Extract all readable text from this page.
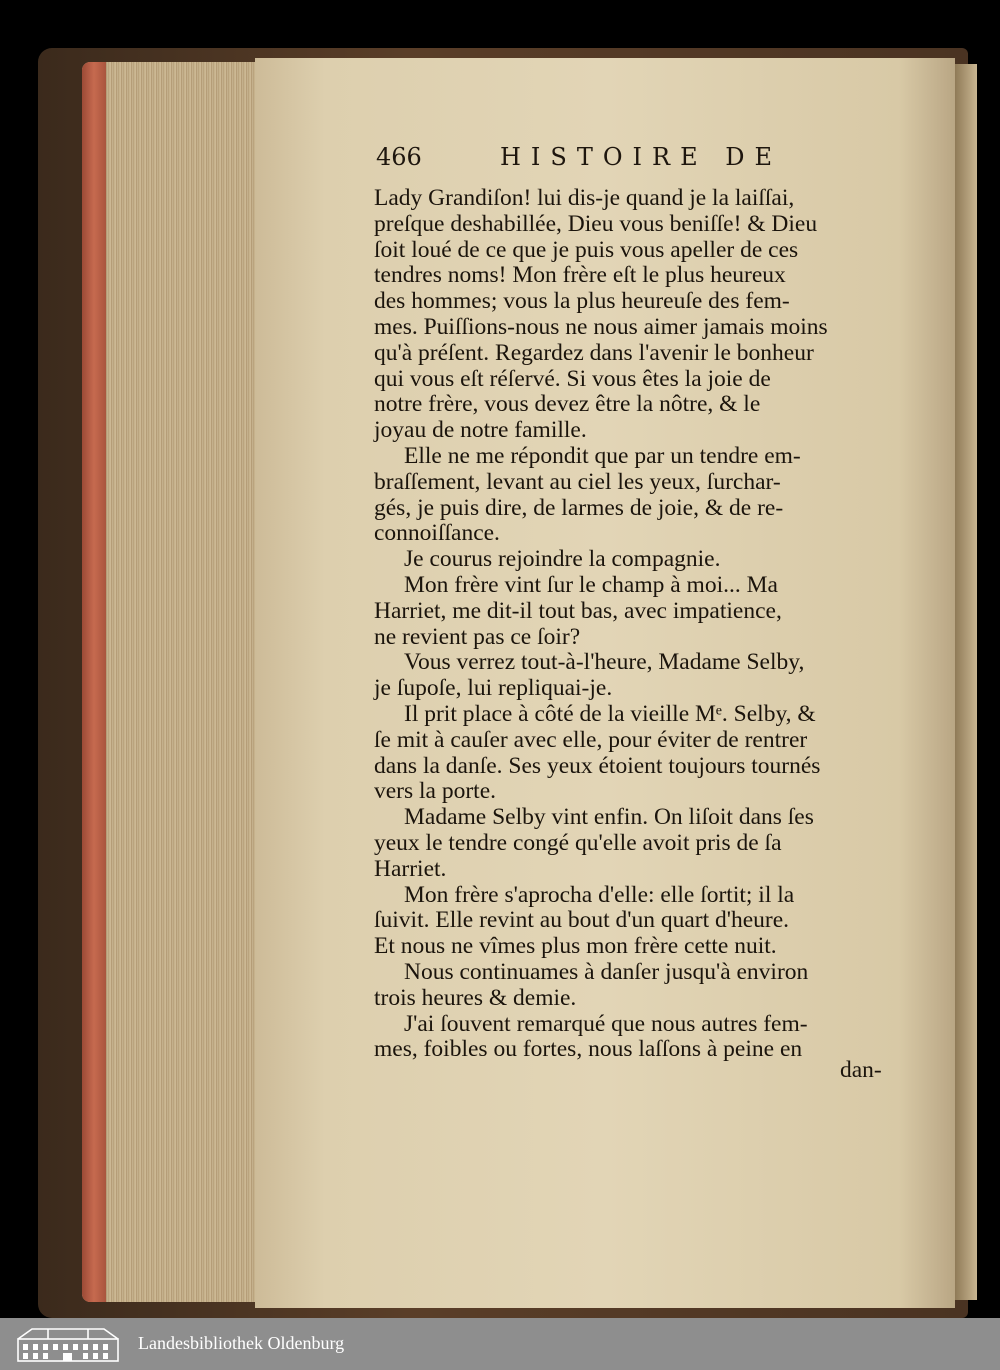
466	HISTOIRE DE
Lady Grandiſon! lui dis-je quand je la laiſſai,
preſque deshabillée, Dieu vous beniſſe! & Dieu
ſoit loué de ce que je puis vous apeller de ces
tendres noms! Mon frère eſt le plus heureux
des hommes; vous la plus heureuſe des fem-
mes. Puiſſions-nous ne nous aimer jamais moins
qu'à préſent. Regardez dans l'avenir le bonheur
qui vous eſt réſervé. Si vous êtes la joie de
notre frère, vous devez être la nôtre, & le
joyau de notre famille.
Elle ne me répondit que par un tendre em-
braſſement, levant au ciel les yeux, ſurchar-
gés, je puis dire, de larmes de joie, & de re-
connoiſſance.
Je courus rejoindre la compagnie.
Mon frère vint ſur le champ à moi... Ma
Harriet, me dit-il tout bas, avec impatience,
ne revient pas ce ſoir?
Vous verrez tout-à-l'heure, Madame Selby,
je ſupoſe, lui repliquai-je.
Il prit place à côté de la vieille Mᵉ. Selby, &
ſe mit à cauſer avec elle, pour éviter de rentrer
dans la danſe. Ses yeux étoient toujours tournés
vers la porte.
Madame Selby vint enfin. On liſoit dans ſes
yeux le tendre congé qu'elle avoit pris de ſa
Harriet.
Mon frère s'aprocha d'elle: elle ſortit; il la
ſuivit. Elle revint au bout d'un quart d'heure.
Et nous ne vîmes plus mon frère cette nuit.
Nous continuames à danſer jusqu'à environ
trois heures & demie.
J'ai ſouvent remarqué que nous autres fem-
mes, foibles ou fortes, nous laſſons à peine en
dan-
Landesbibliothek Oldenburg
